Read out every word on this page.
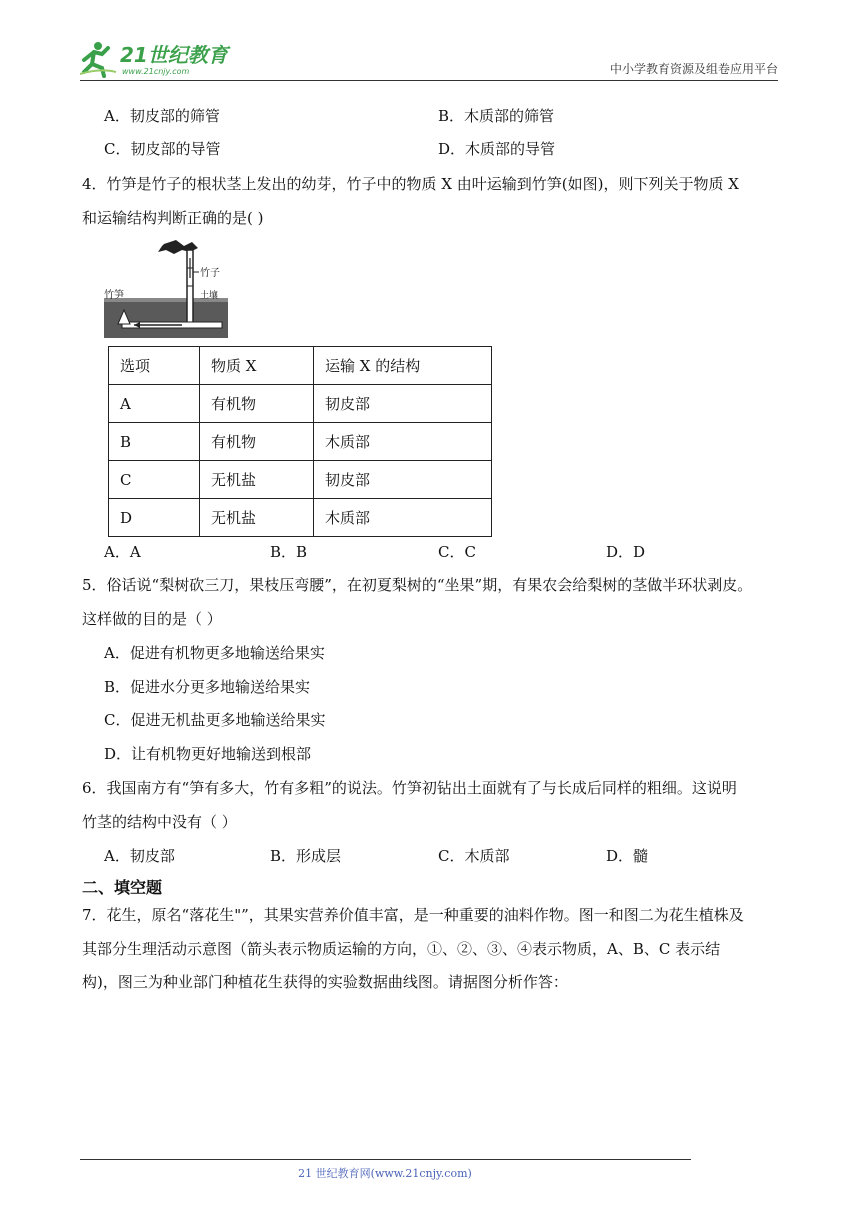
21世纪教育
www.21cnjy.com	中小学教育资源及组卷应用平台
A．韧皮部的筛管	B．木质部的筛管
C．韧皮部的导管	D．木质部的导管
4．竹笋是竹子的根状茎上发出的幼芽，竹子中的物质 X 由叶运输到竹笋(如图)，则下列关于物质 X
和运输结构判断正确的是( )
竹子
竹笋	土壤
选项	物质 X	运输 X 的结构
A	有机物	韧皮部
B	有机物	木质部
C	无机盐	韧皮部
D	无机盐	木质部
A．A	B．B	C．C	D．D
5．俗话说“梨树砍三刀，果枝压弯腰”，在初夏梨树的“坐果”期，有果农会给梨树的茎做半环状剥皮。
这样做的目的是（ ）
A．促进有机物更多地输送给果实
B．促进水分更多地输送给果实
C．促进无机盐更多地输送给果实
D．让有机物更好地输送到根部
6．我国南方有“笋有多大，竹有多粗”的说法。竹笋初钻出土面就有了与长成后同样的粗细。这说明
竹茎的结构中没有（ ）
A．韧皮部	B．形成层	C．木质部	D．髓
二、填空题
7．花生，原名“落花生"”，其果实营养价值丰富，是一种重要的油料作物。图一和图二为花生植株及
其部分生理活动示意图（箭头表示物质运输的方向，①、②、③、④表示物质，A、B、C 表示结
构)，图三为种业部门种植花生获得的实验数据曲线图。请据图分析作答：
21 世纪教育网(www.21cnjy.com)
